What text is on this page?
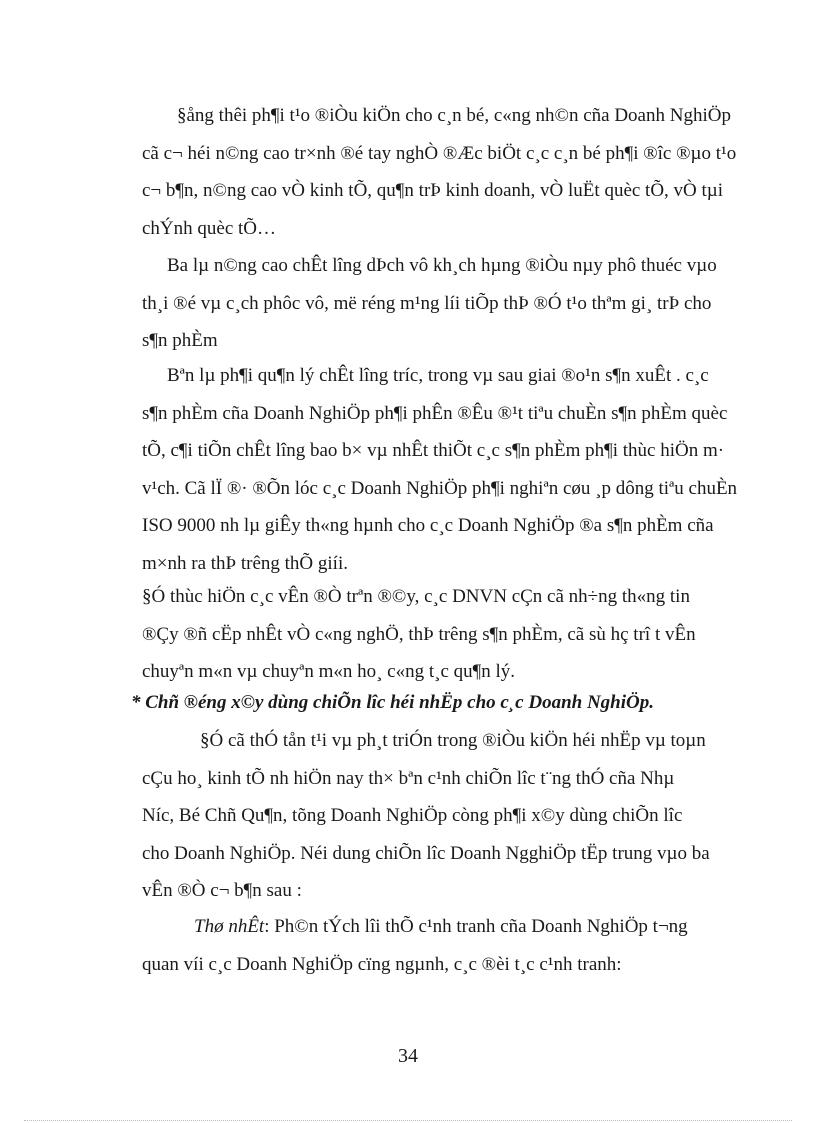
§ång thêi ph¶i t¹o ®iÒu kiÖn cho c¸n bé, c«ng nh©n cña Doanh NghiÖp
cã c¬ héi n©ng cao tr×nh ®é tay nghÒ ®Æc biÖt c¸c c¸n bé ph¶i ®îc ®µo t¹o
c¬ b¶n, n©ng cao vÒ kinh tÕ, qu¶n trÞ kinh doanh, vÒ luËt quèc tÕ, vÒ tµi
chÝnh quèc tÕ…
Ba lµ n©ng cao chÊt lîng dÞch vô kh¸ch hµng ®iÒu nµy phô thuéc vµo
th¸i ®é vµ c¸ch phôc vô, më réng m¹ng líi tiÕp thÞ ®Ó t¹o thªm gi¸ trÞ cho
s¶n phÈm
Bªn lµ ph¶i qu¶n lý chÊt lîng tríc, trong vµ sau giai ®o¹n s¶n xuÊt . c¸c
s¶n phÈm cña Doanh NghiÖp ph¶i phÊn ®Êu ®¹t tiªu chuÈn s¶n phÈm quèc
tÕ, c¶i tiÕn chÊt lîng bao b× vµ nhÊt thiÕt c¸c s¶n phÈm ph¶i thùc hiÖn m·
v¹ch. Cã lÏ ®· ®Õn lóc c¸c Doanh NghiÖp ph¶i nghiªn cøu ¸p dông tiªu chuÈn
ISO 9000 nh lµ giÊy th«ng hµnh cho c¸c Doanh NghiÖp ®a s¶n phÈm cña
m×nh ra thÞ trêng thÕ giíi.
§Ó thùc hiÖn c¸c vÊn ®Ò trªn ®©y, c¸c DNVN cÇn cã nh÷ng th«ng tin
®Çy ®ñ cËp nhÊt vÒ c«ng nghÖ, thÞ trêng s¶n phÈm, cã sù hç trî t vÊn
chuyªn m«n vµ chuyªn m«n ho¸ c«ng t¸c qu¶n lý.

* Chñ ®éng x©y dùng chiÕn lîc héi nhËp cho c¸c Doanh NghiÖp.

§Ó cã thÓ tån t¹i vµ ph¸t triÓn trong ®iÒu kiÖn héi nhËp vµ toµn
cÇu ho¸ kinh tÕ nh hiÖn nay th× bªn c¹nh chiÕn lîc t¨ng thÓ cña Nhµ
Níc, Bé Chñ Qu¶n, tõng Doanh NghiÖp còng ph¶i x©y dùng chiÕn lîc
cho Doanh NghiÖp. Néi dung chiÕn lîc Doanh NgghiÖp tËp trung vµo ba
vÊn ®Ò c¬ b¶n sau :
Thø nhÊt: Ph©n tÝch lîi thÕ c¹nh tranh cña Doanh NghiÖp t¬ng
quan víi c¸c Doanh NghiÖp cïng ngµnh, c¸c ®èi t¸c c¹nh tranh:
34
